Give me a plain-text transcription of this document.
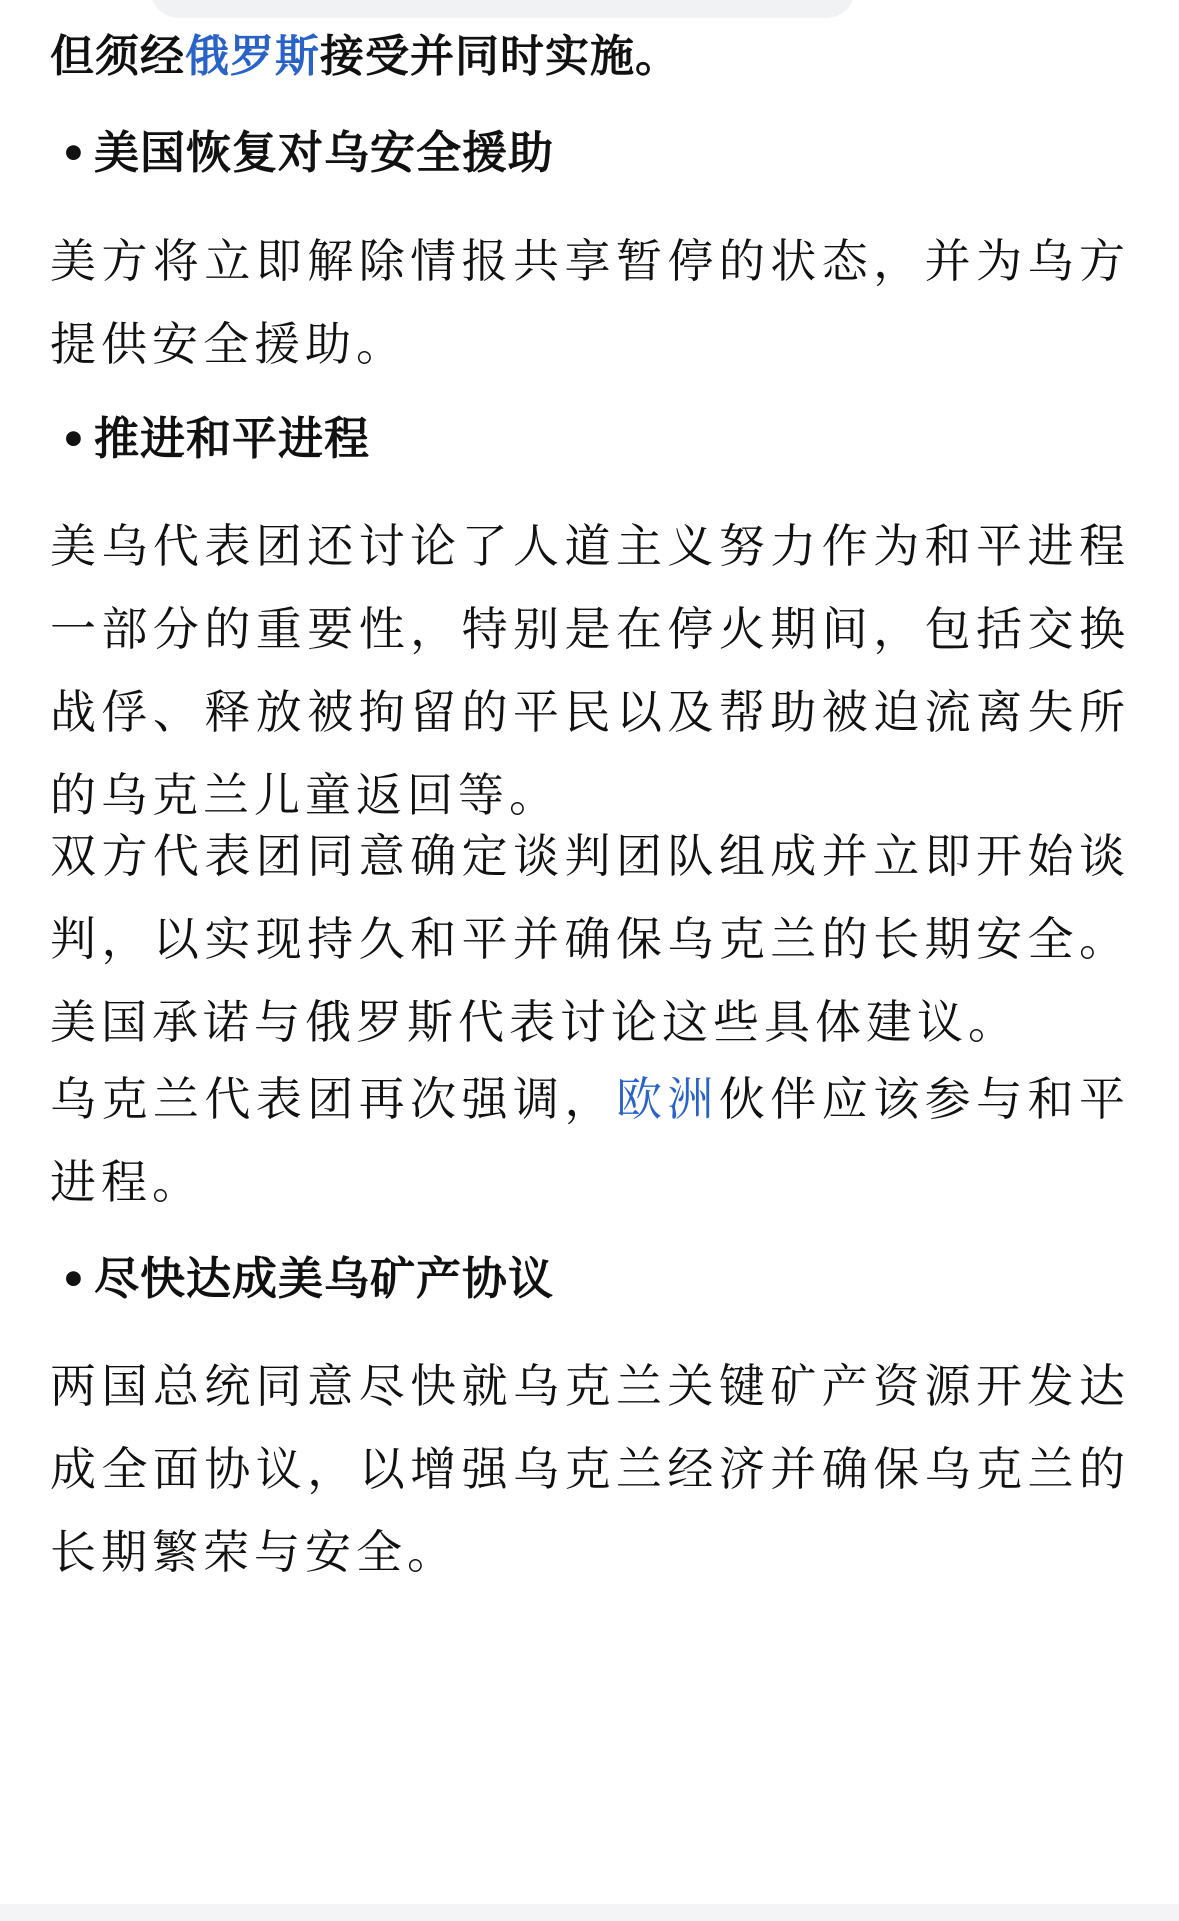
但须经俄罗斯接受并同时实施。
• 美国恢复对乌安全援助
美方将立即解除情报共享暂停的状态，并为乌方提供安全援助。
• 推进和平进程
美乌代表团还讨论了人道主义努力作为和平进程一部分的重要性，特别是在停火期间，包括交换战俘、释放被拘留的平民以及帮助被迫流离失所的乌克兰儿童返回等。
双方代表团同意确定谈判团队组成并立即开始谈判，以实现持久和平并确保乌克兰的长期安全。美国承诺与俄罗斯代表讨论这些具体建议。
乌克兰代表团再次强调，欧洲伙伴应该参与和平进程。
• 尽快达成美乌矿产协议
两国总统同意尽快就乌克兰关键矿产资源开发达成全面协议，以增强乌克兰经济并确保乌克兰的长期繁荣与安全。
